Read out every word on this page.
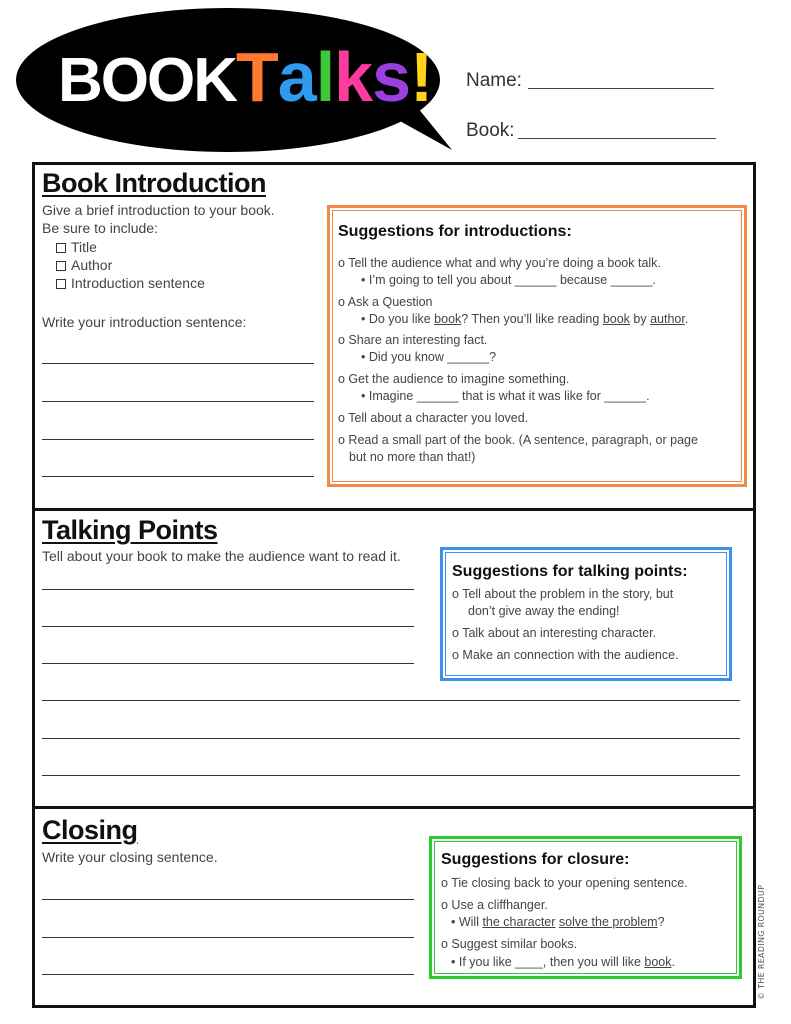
BOOKTalks! Name:
Book:
Book Introduction
Give a brief introduction to your book.
Be sure to include:
Title
Author
Introduction sentence
Write your introduction sentence:
Suggestions for introductions:
o Tell the audience what and why you’re doing a book talk.
• I’m going to tell you about ______ because ______.
o Ask a Question
• Do you like book? Then you’ll like reading book by author.
o Share an interesting fact.
• Did you know ______?
o Get the audience to imagine something.
• Imagine ______ that is what it was like for ______.
o Tell about a character you loved.
o Read a small part of the book. (A sentence, paragraph, or page
but no more than that!)
Talking Points
Tell about your book to make the audience want to read it.
Suggestions for talking points:
o Tell about the problem in the story, but
don’t give away the ending!
o Talk about an interesting character.
o Make an connection with the audience.
Closing
Write your closing sentence.	Suggestions for closure:
o Tie closing back to your opening sentence.
o Use a cliffhanger.
• Will the character solve the problem?
o Suggest similar books.
• If you like ____, then you will like book.	© THE READING ROUNDUP
